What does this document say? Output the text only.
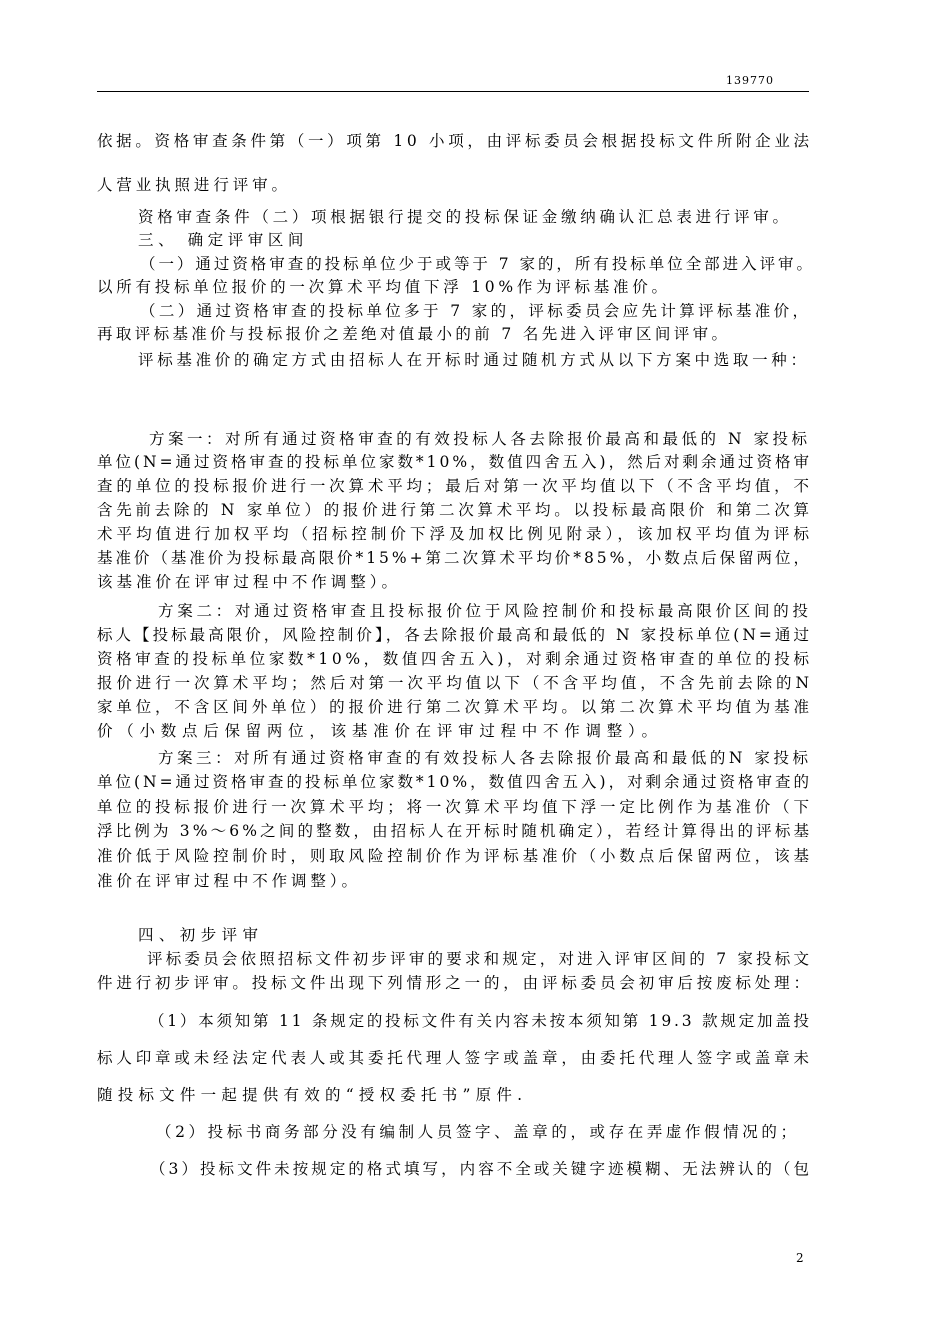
139770
依据。资格审查条件第（一）项第 10 小项，由评标委员会根据投标文件所附企业法
人营业执照进行评审。
资格审查条件（二）项根据银行提交的投标保证金缴纳确认汇总表进行评审。
三、 确定评审区间
（一）通过资格审查的投标单位少于或等于 7 家的，所有投标单位全部进入评审。
以所有投标单位报价的一次算术平均值下浮 10%作为评标基准价。
（二）通过资格审查的投标单位多于 7 家的，评标委员会应先计算评标基准价，
再取评标基准价与投标报价之差绝对值最小的前 7 名先进入评审区间评审。
评标基准价的确定方式由招标人在开标时通过随机方式从以下方案中选取一种：
方案一：对所有通过资格审查的有效投标人各去除报价最高和最低的 N 家投标
单位(N=通过资格审查的投标单位家数*10%，数值四舍五入)，然后对剩余通过资格审
查的单位的投标报价进行一次算术平均；最后对第一次平均值以下（不含平均值，不
含先前去除的 N 家单位）的报价进行第二次算术平均。以投标最高限价 和第二次算
术平均值进行加权平均（招标控制价下浮及加权比例见附录），该加权平均值为评标
基准价（基准价为投标最高限价*15%+第二次算术平均价*85%，小数点后保留两位，
该基准价在评审过程中不作调整）。
方案二：对通过资格审查且投标报价位于风险控制价和投标最高限价区间的投
标人【投标最高限价，风险控制价】，各去除报价最高和最低的 N 家投标单位(N=通过
资格审查的投标单位家数*10%，数值四舍五入)，对剩余通过资格审查的单位的投标
报价进行一次算术平均；然后对第一次平均值以下（不含平均值，不含先前去除的N
家单位，不含区间外单位）的报价进行第二次算术平均。以第二次算术平均值为基准
价（小数点后保留两位，该基准价在评审过程中不作调整）。
方案三：对所有通过资格审查的有效投标人各去除报价最高和最低的N 家投标
单位(N=通过资格审查的投标单位家数*10%，数值四舍五入)，对剩余通过资格审查的
单位的投标报价进行一次算术平均；将一次算术平均值下浮一定比例作为基准价（下
浮比例为 3%～6%之间的整数，由招标人在开标时随机确定），若经计算得出的评标基
准价低于风险控制价时，则取风险控制价作为评标基准价（小数点后保留两位，该基
准价在评审过程中不作调整）。
四、初步评审
评标委员会依照招标文件初步评审的要求和规定，对进入评审区间的 7 家投标文
件进行初步评审。投标文件出现下列情形之一的，由评标委员会初审后按废标处理：
（1）本须知第 11 条规定的投标文件有关内容未按本须知第 19.3 款规定加盖投
标人印章或未经法定代表人或其委托代理人签字或盖章，由委托代理人签字或盖章未
随投标文件一起提供有效的“授权委托书”原件.
（2）投标书商务部分没有编制人员签字、盖章的，或存在弄虚作假情况的；
（3）投标文件未按规定的格式填写，内容不全或关键字迹模糊、无法辨认的（包
2
